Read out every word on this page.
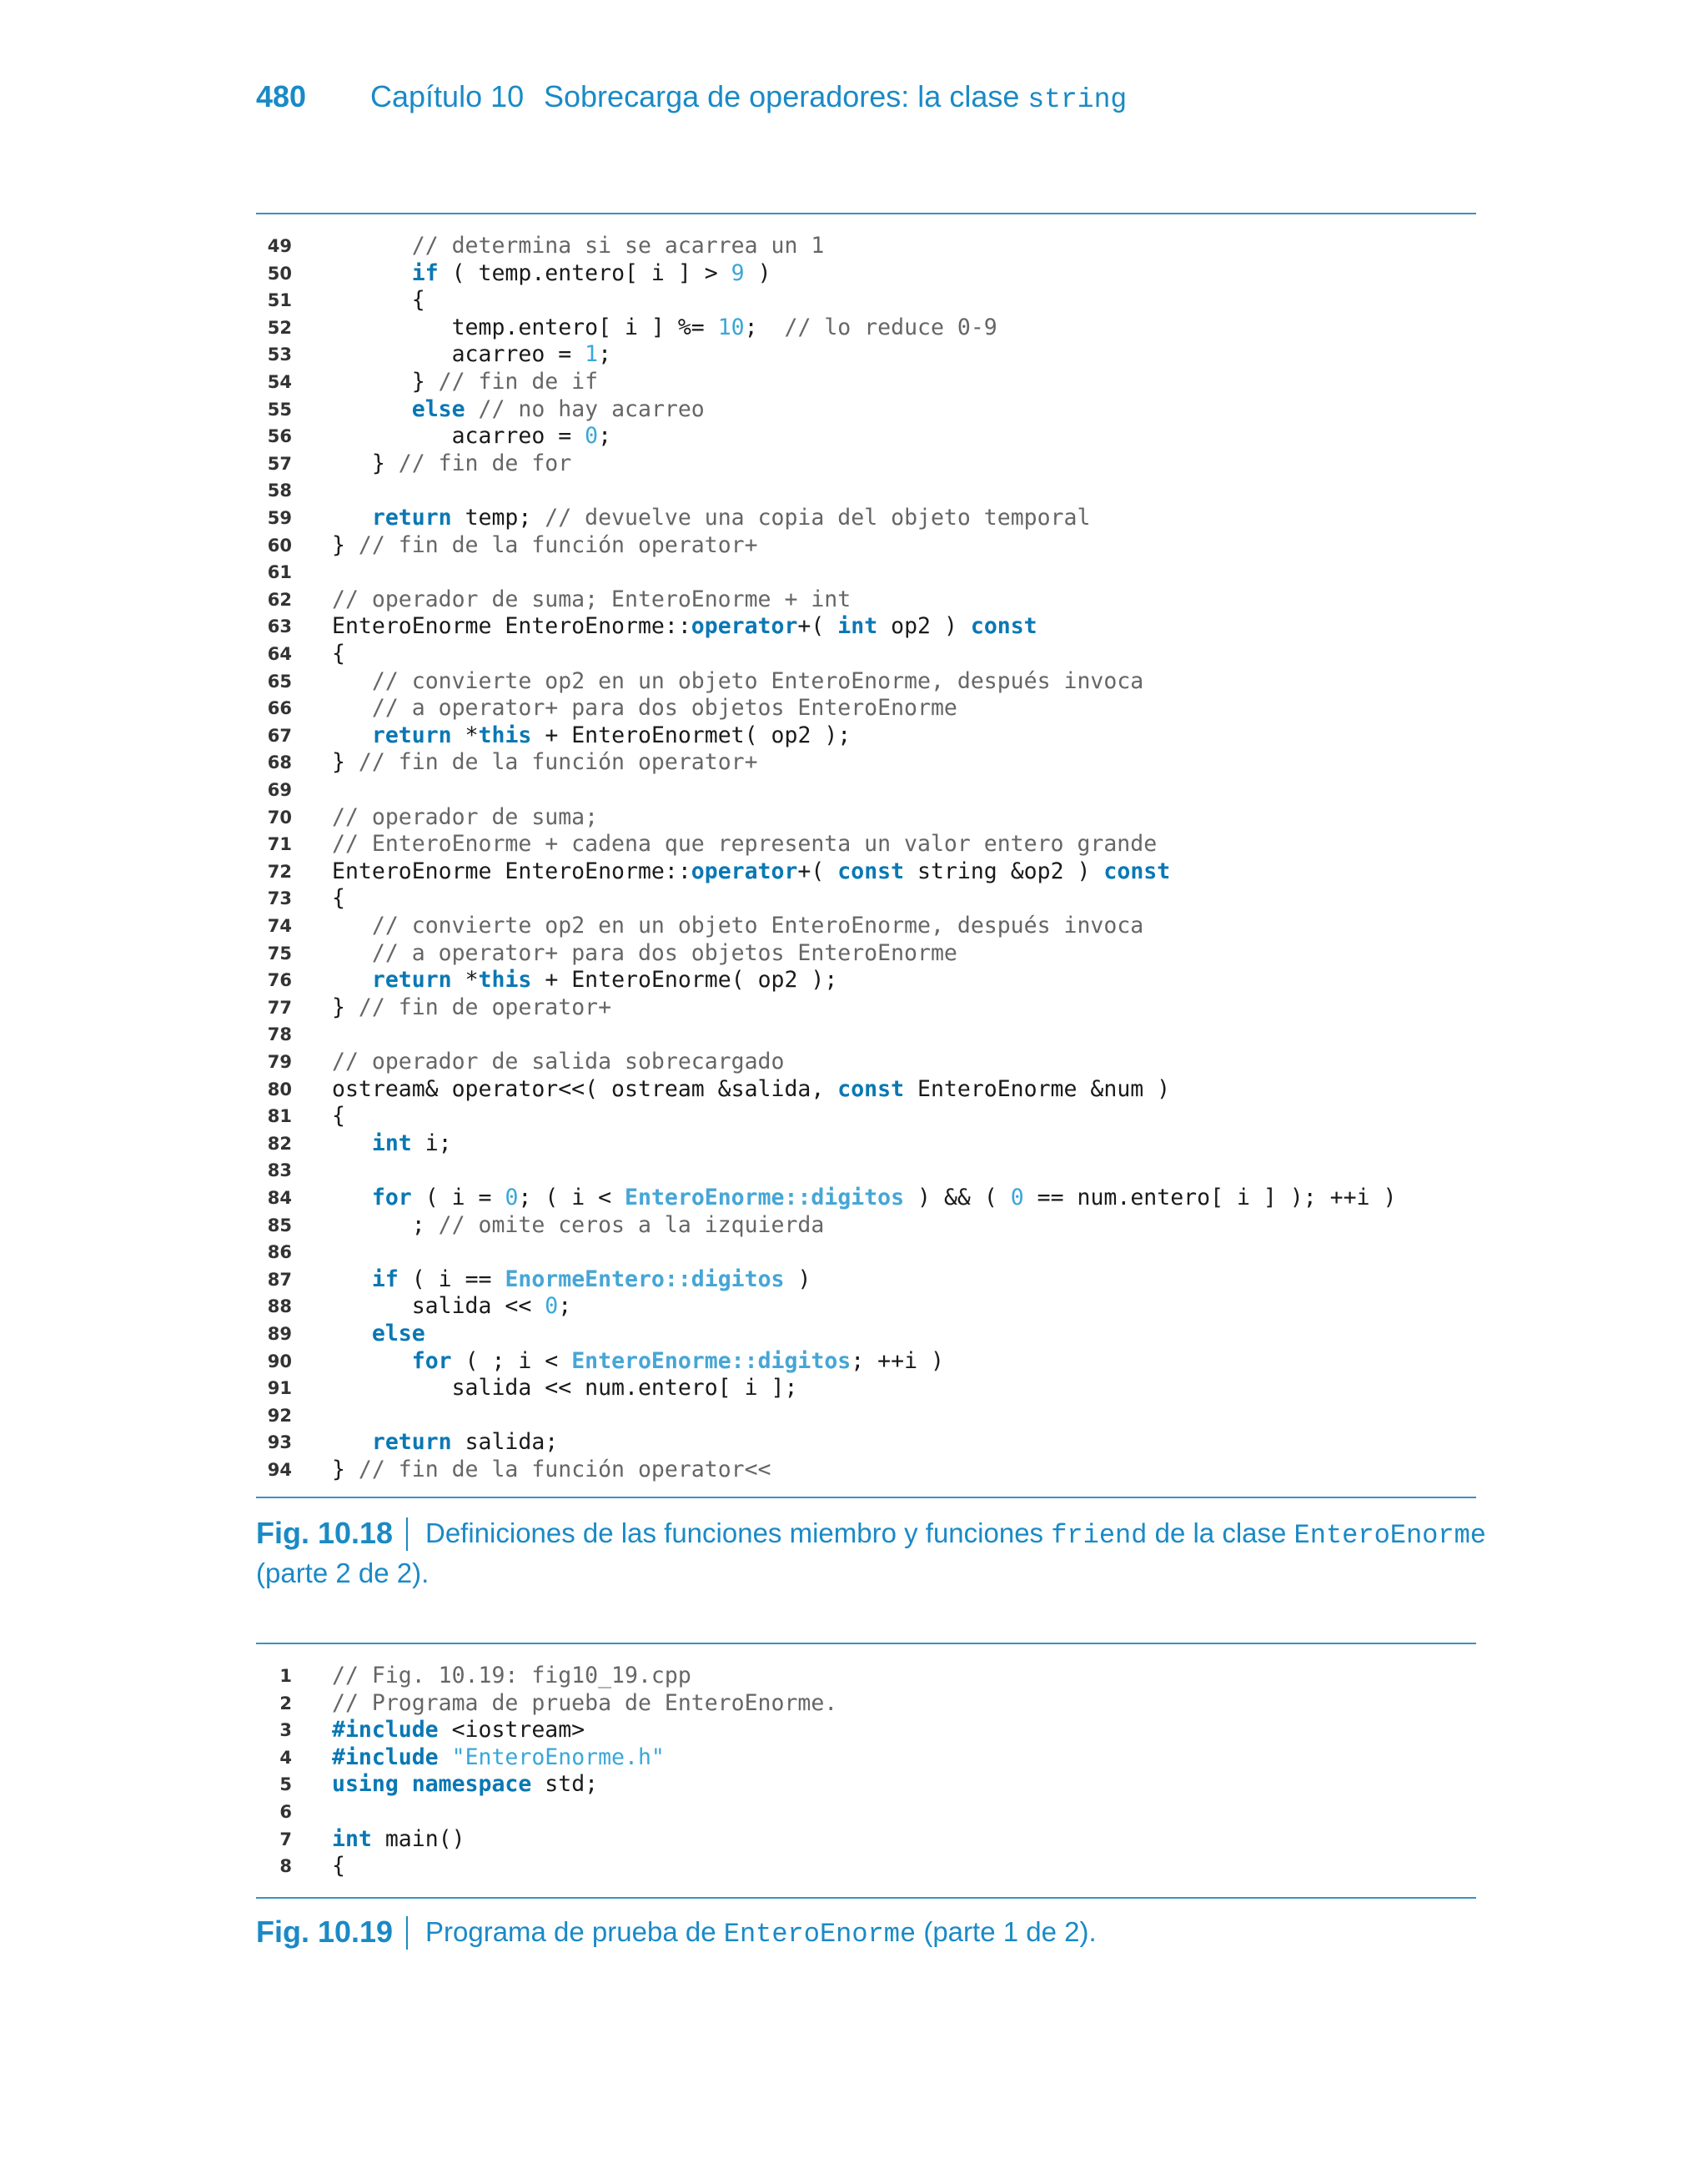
480 Capítulo 10 Sobrecarga de operadores: la clase string
49	// determina si se acarrea un 1
50	if ( temp.entero[ i ] > 9 )
51 {
52 temp.entero[ i ] %= 10;  // lo reduce 0-9
53 acarreo = 1;
54 } // fin de if
55	else // no hay acarreo
56 acarreo = 0;
57 } // fin de for
58
59	return temp; // devuelve una copia del objeto temporal
60 } // fin de la función operator+
61
62 // operador de suma; EnteroEnorme + int
63 EnteroEnorme EnteroEnorme::operator+( int op2 ) const
64 {
65	// convierte op2 en un objeto EnteroEnorme, después invoca
66	// a operator+ para dos objetos EnteroEnorme
67	return *this + EnteroEnormet( op2 );
68 } // fin de la función operator+
69
70 // operador de suma;
71 // EnteroEnorme + cadena que representa un valor entero grande
72 EnteroEnorme EnteroEnorme::operator+( const string &op2 ) const
73 {
74	// convierte op2 en un objeto EnteroEnorme, después invoca
75	// a operator+ para dos objetos EnteroEnorme
76	return *this + EnteroEnorme( op2 );
77 } // fin de operator+
78
79 // operador de salida sobrecargado
80 ostream& operator<<( ostream &salida, const EnteroEnorme &num )
81 {
82	int i;
83
84	for ( i = 0; ( i < EnteroEnorme::digitos ) && ( 0 == num.entero[ i ] ); ++i )
85 ; // omite ceros a la izquierda
86
87	if ( i == EnormeEntero::digitos )
88 salida << 0;
89	else
90	for ( ; i < EnteroEnorme::digitos; ++i )
91 salida << num.entero[ i ];
92
93	return salida;
94 } // fin de la función operator<<
Fig. 10.18 Definiciones de las funciones miembro y funciones friend de la clase EnteroEnorme
(parte 2 de 2).
1 // Fig. 10.19: fig10_19.cpp
2 // Programa de prueba de EnteroEnorme.
3 #include <iostream>
4 #include "EnteroEnorme.h"
5 using namespace std;
6
7 int main()
8 {
Fig. 10.19 Programa de prueba de EnteroEnorme (parte 1 de 2).
